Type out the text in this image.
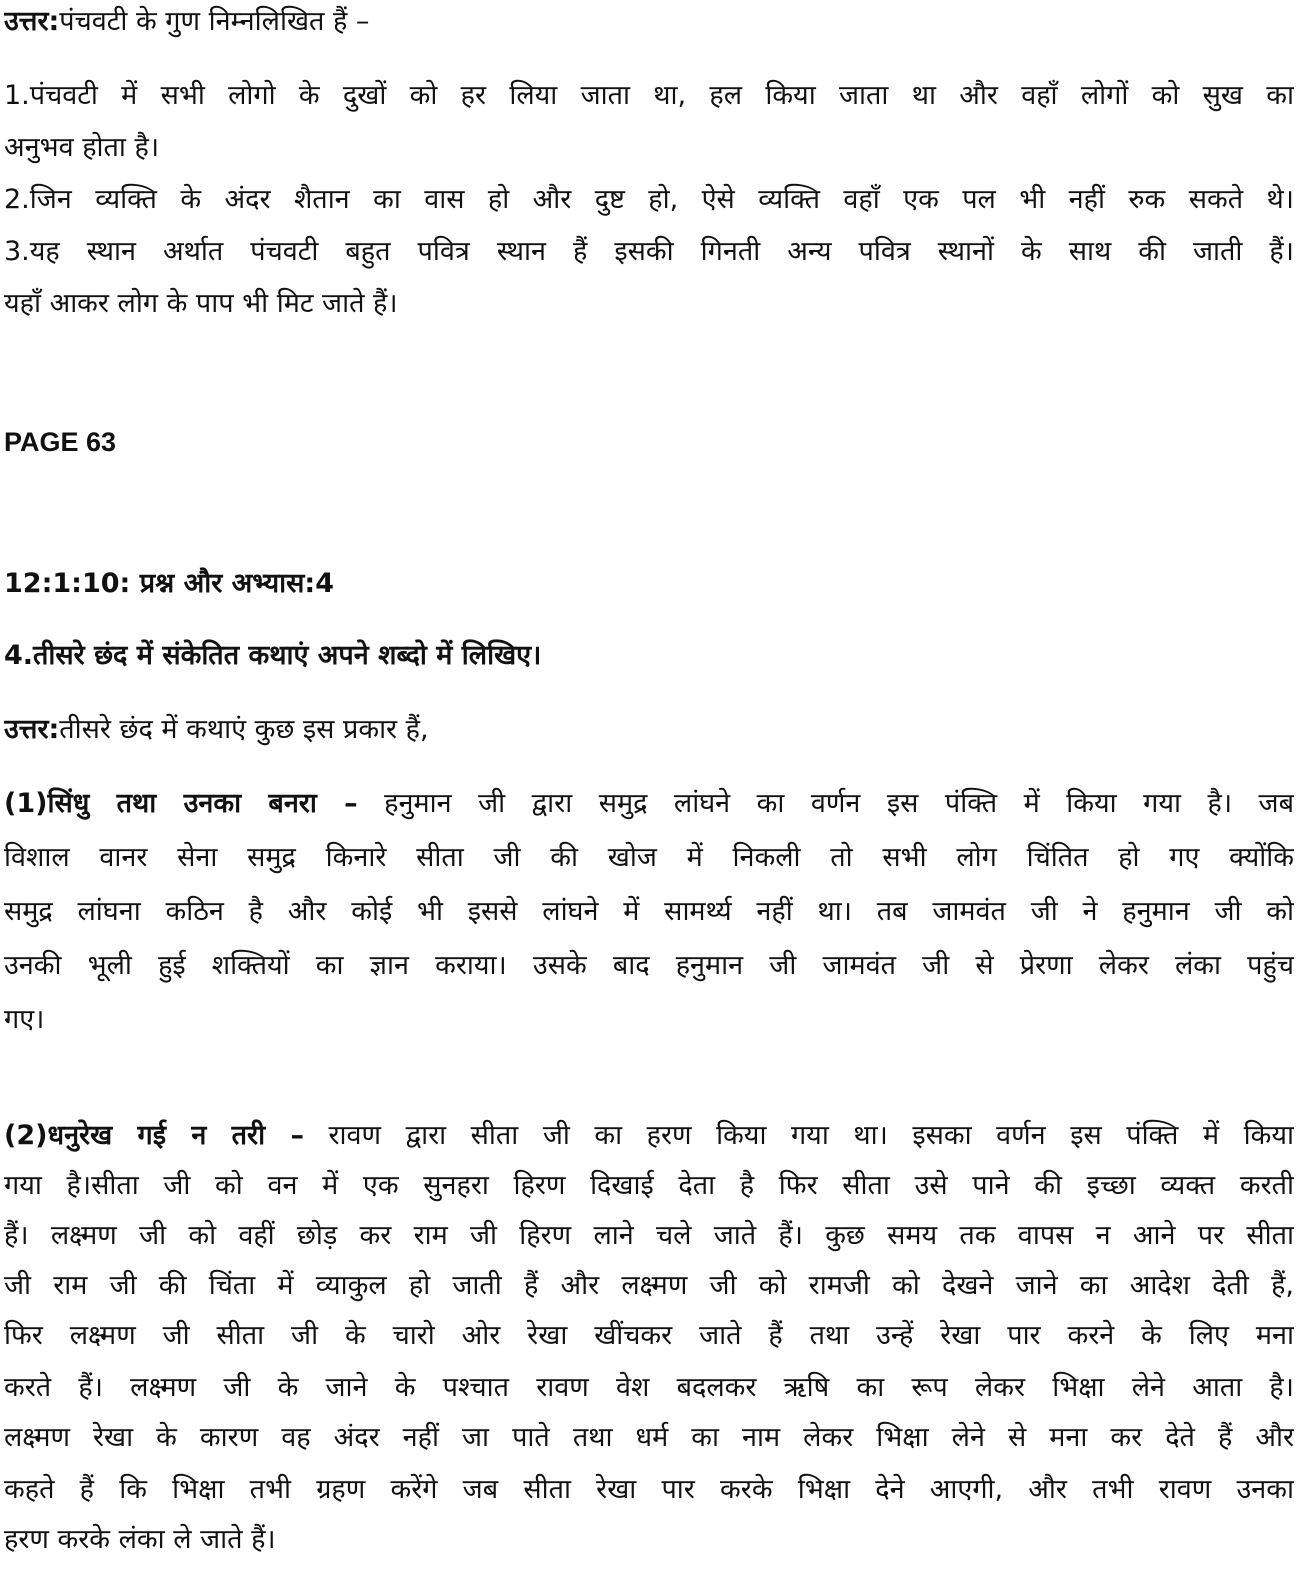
उत्तर:पंचवटी के गुण निम्नलिखित हैं –
1.पंचवटी में सभी लोगो के दुखों को हर लिया जाता था, हल किया जाता था और वहाँ लोगों को सुख का
अनुभव होता है।
2.जिन व्यक्ति के अंदर शैतान का वास हो और दुष्ट हो, ऐसे व्यक्ति वहाँ एक पल भी नहीं रुक सकते थे।
3.यह स्थान अर्थात पंचवटी बहुत पवित्र स्थान हैं इसकी गिनती अन्य पवित्र स्थानों के साथ की जाती हैं।
यहाँ आकर लोग के पाप भी मिट जाते हैं।
PAGE 63
12:1:10: प्रश्न और अभ्यास:4
4.तीसरे छंद में संकेतित कथाएं अपने शब्दो में लिखिए।
उत्तर:तीसरे छंद में कथाएं कुछ इस प्रकार हैं,
(1)सिंधु तथा उनका बनरा – हनुमान जी द्वारा समुद्र लांघने का वर्णन इस पंक्ति में किया गया है। जब
विशाल वानर सेना समुद्र किनारे सीता जी की खोज में निकली तो सभी लोग चिंतित हो गए क्योंकि
समुद्र लांघना कठिन है और कोई भी इससे लांघने में सामर्थ्य नहीं था। तब जामवंत जी ने हनुमान जी को
उनकी भूली हुई शक्तियों का ज्ञान कराया। उसके बाद हनुमान जी जामवंत जी से प्रेरणा लेकर लंका पहुंच
गए।
(2)धनुरेख गई न तरी – रावण द्वारा सीता जी का हरण किया गया था। इसका वर्णन इस पंक्ति में किया
गया है।सीता जी को वन में एक सुनहरा हिरण दिखाई देता है फिर सीता उसे पाने की इच्छा व्यक्त करती
हैं। लक्ष्मण जी को वहीं छोड़ कर राम जी हिरण लाने चले जाते हैं। कुछ समय तक वापस न आने पर सीता
जी राम जी की चिंता में व्याकुल हो जाती हैं और लक्ष्मण जी को रामजी को देखने जाने का आदेश देती हैं,
फिर लक्ष्मण जी सीता जी के चारो ओर रेखा खींचकर जाते हैं तथा उन्हें रेखा पार करने के लिए मना
करते हैं। लक्ष्मण जी के जाने के पश्चात रावण वेश बदलकर ऋषि का रूप लेकर भिक्षा लेने आता है।
लक्ष्मण रेखा के कारण वह अंदर नहीं जा पाते तथा धर्म का नाम लेकर भिक्षा लेने से मना कर देते हैं और
कहते हैं कि भिक्षा तभी ग्रहण करेंगे जब सीता रेखा पार करके भिक्षा देने आएगी, और तभी रावण उनका
हरण करके लंका ले जाते हैं।
